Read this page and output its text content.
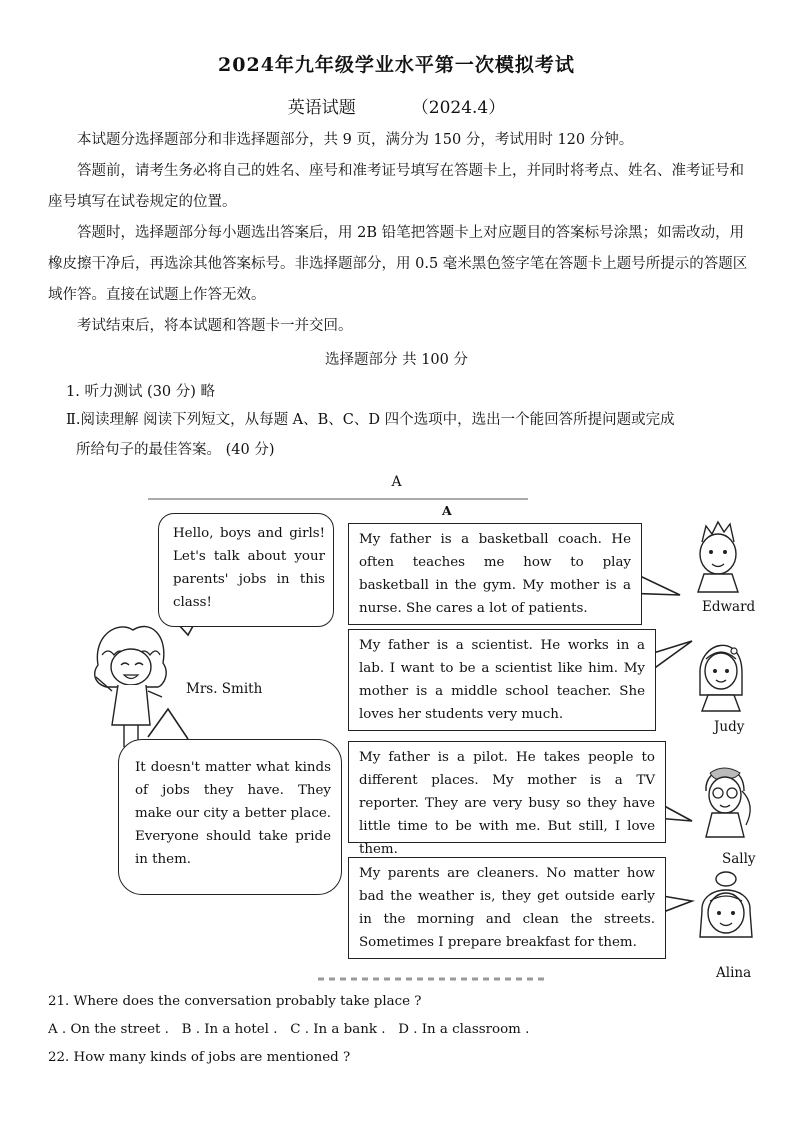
2024年九年级学业水平第一次模拟考试
英语试题	（2024.4）

本试题分选择题部分和非选择题部分，共 9 页，满分为 150 分，考试用时 120 分钟。

答题前，请考生务必将自己的姓名、座号和准考证号填写在答题卡上，并同时将考点、姓名、准考证号和座号填写在试卷规定的位置。

答题时，选择题部分每小题选出答案后，用 2B 铅笔把答题卡上对应题目的答案标号涂黑；如需改动，用橡皮擦干净后，再选涂其他答案标号。非选择题部分，用 0.5 毫米黑色签字笔在答题卡上题号所提示的答题区域作答。直接在试题上作答无效。

考试结束后，将本试题和答题卡一并交回。

选择题部分 共 100 分
1. 听力测试 (30 分) 略
Ⅱ.阅读理解 阅读下列短文，从每题 A、B、C、D 四个选项中，选出一个能回答所提问题或完成
所给句子的最佳答案。 (40 分)
A
A
Hello, boys and girls! Let's talk about your parents' jobs in this class!
Mrs. Smith
It doesn't matter what kinds of jobs they have. They make our city a better place. Everyone should take pride in them.
My father is a basketball coach. He often teaches me how to play basketball in the gym. My mother is a nurse. She cares a lot of patients.	Edward
My father is a scientist. He works in a lab. I want to be a scientist like him. My mother is a middle school teacher. She loves her students very much.
Judy
My father is a pilot. He takes people to different places. My mother is a TV reporter. They are very busy so they have little time to be with me. But still, I love them.
Sally
My parents are cleaners. No matter how bad the weather is, they get outside early in the morning and clean the streets. Sometimes I prepare breakfast for them.
Alina
21. Where does the conversation probably take place ?
A . On the street .   B . In a hotel .   C . In a bank .   D . In a classroom .
22. How many kinds of jobs are mentioned ?
